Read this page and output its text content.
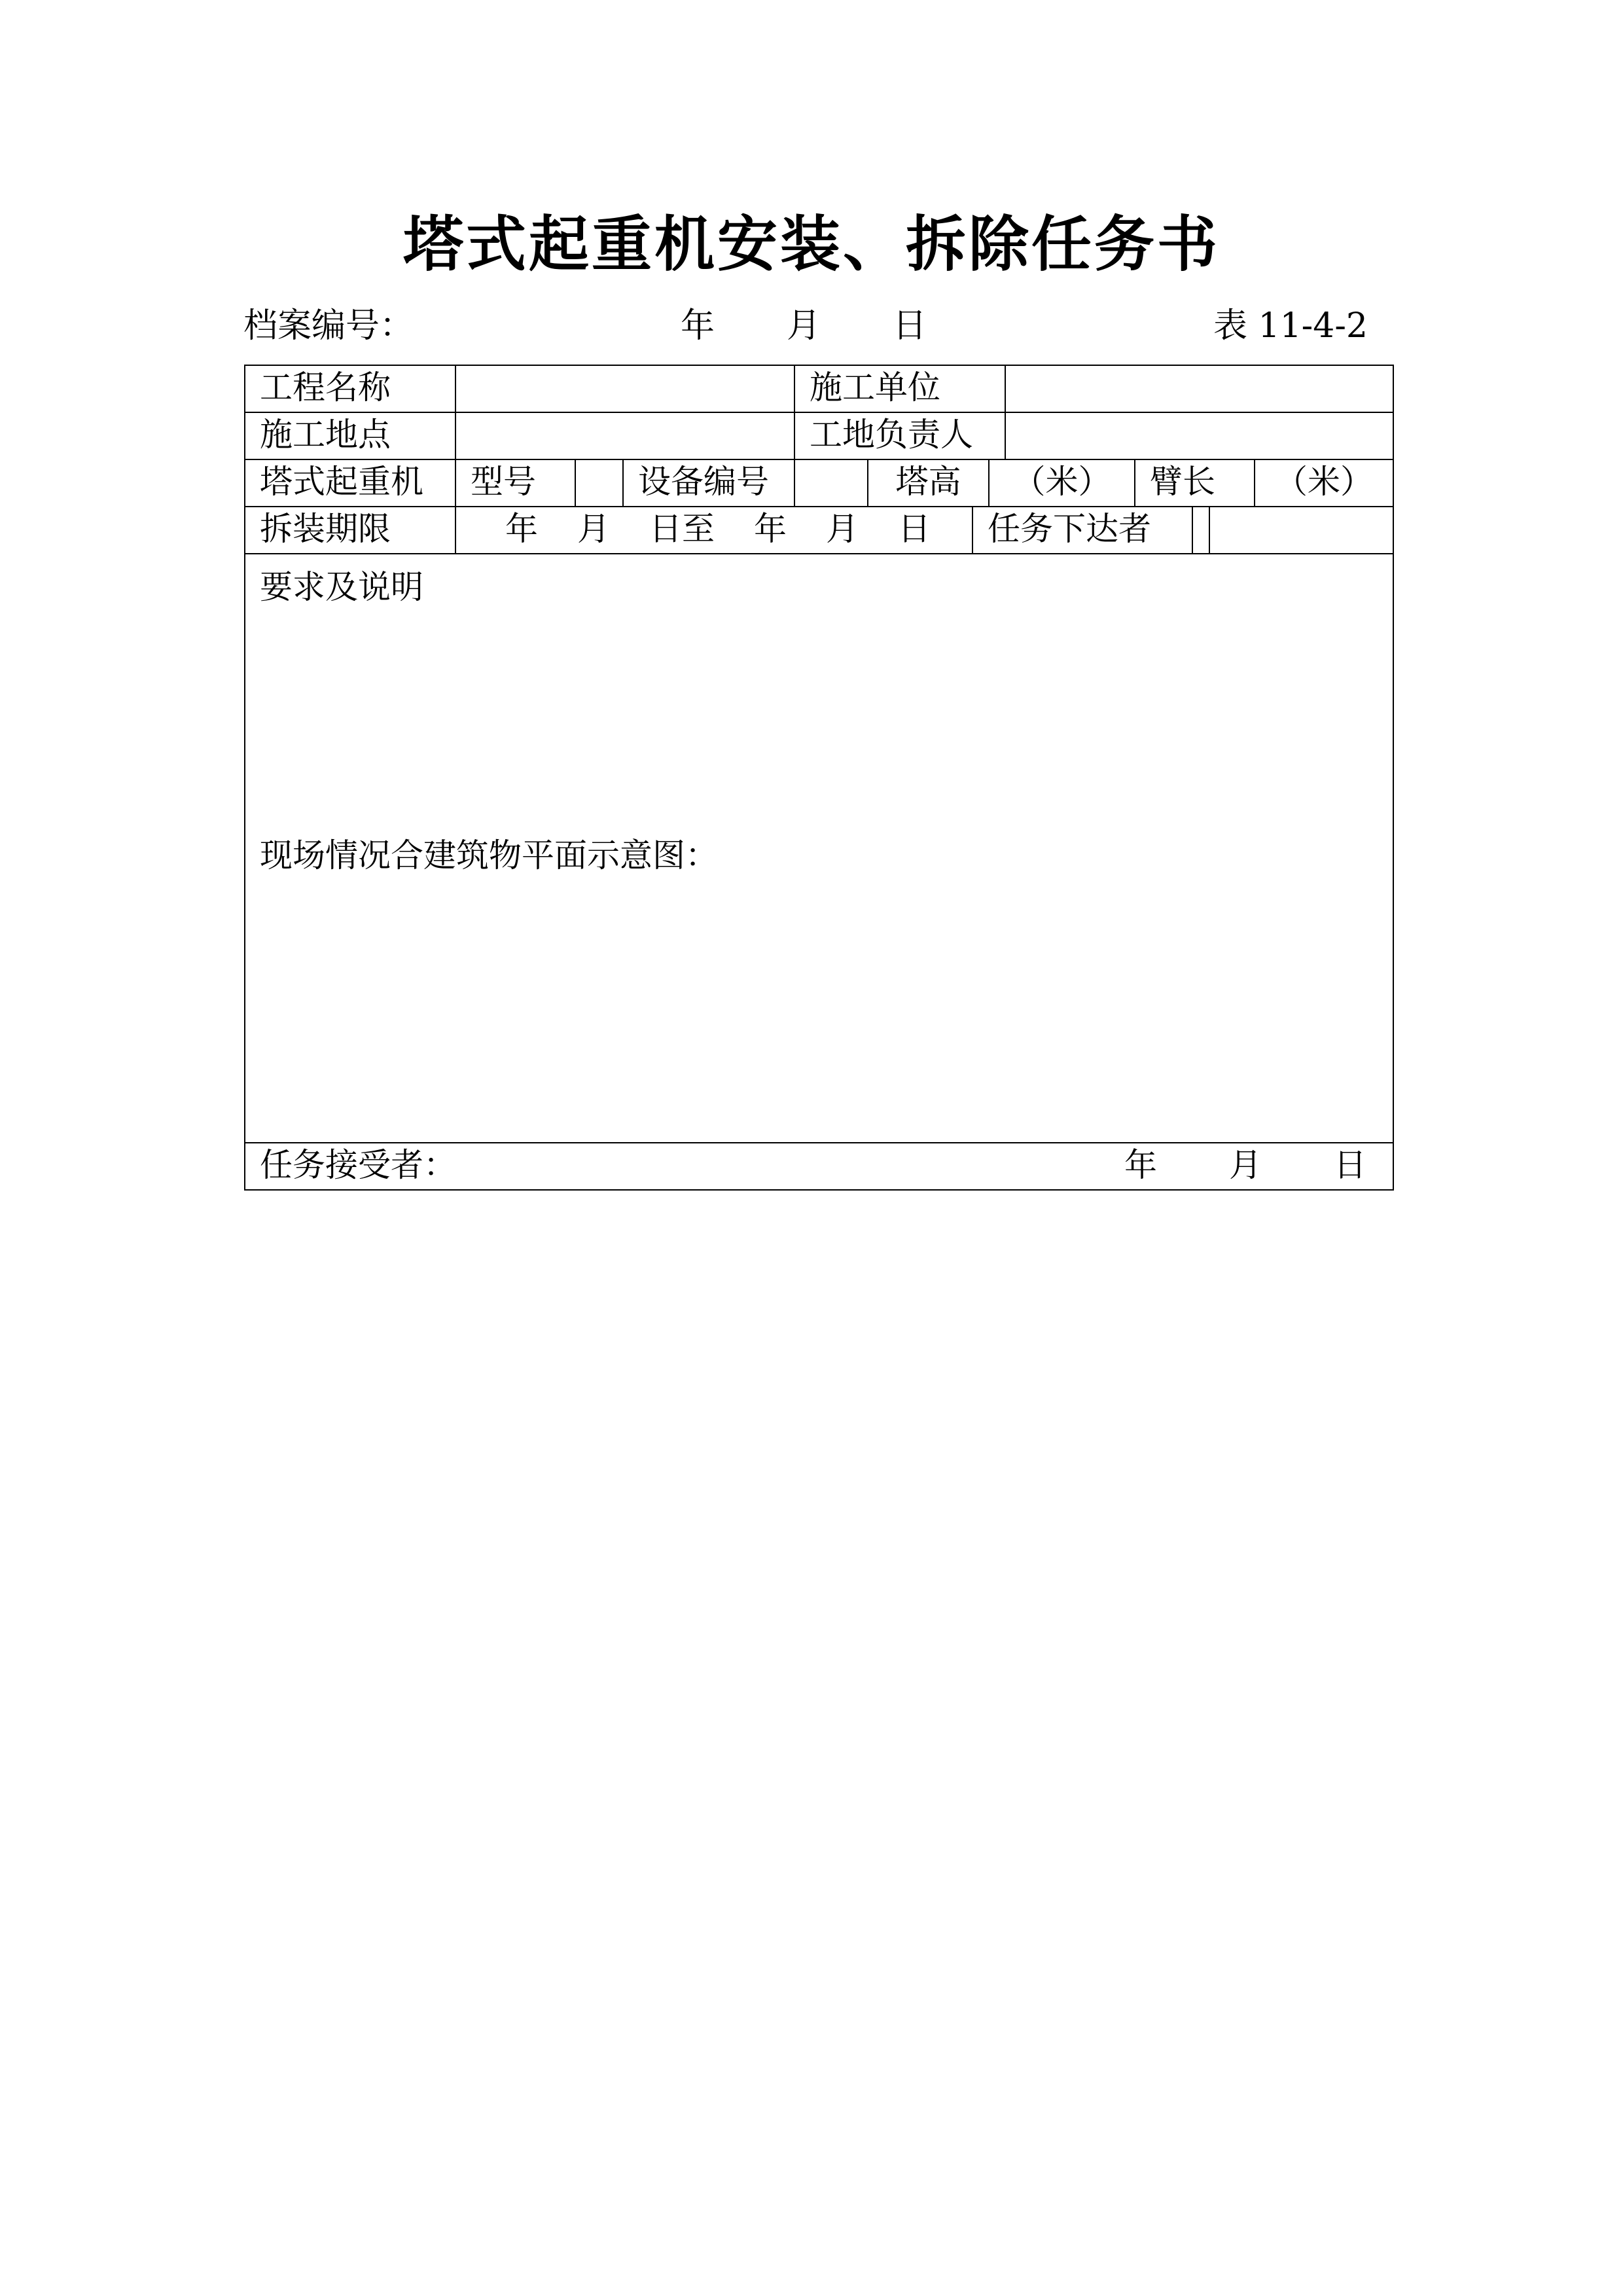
塔式起重机安装、拆除任务书
档案编号：	年 月 日	表 11-4-2
工程名称	施工单位
施工地点	工地负责人
塔式起重机	型号	设备编号	塔高	（米）	臂长	（米）
拆装期限	年 月 日至 年 月 日	任务下达者
要求及说明
现场情况合建筑物平面示意图：
任务接受者：	年 月 日
